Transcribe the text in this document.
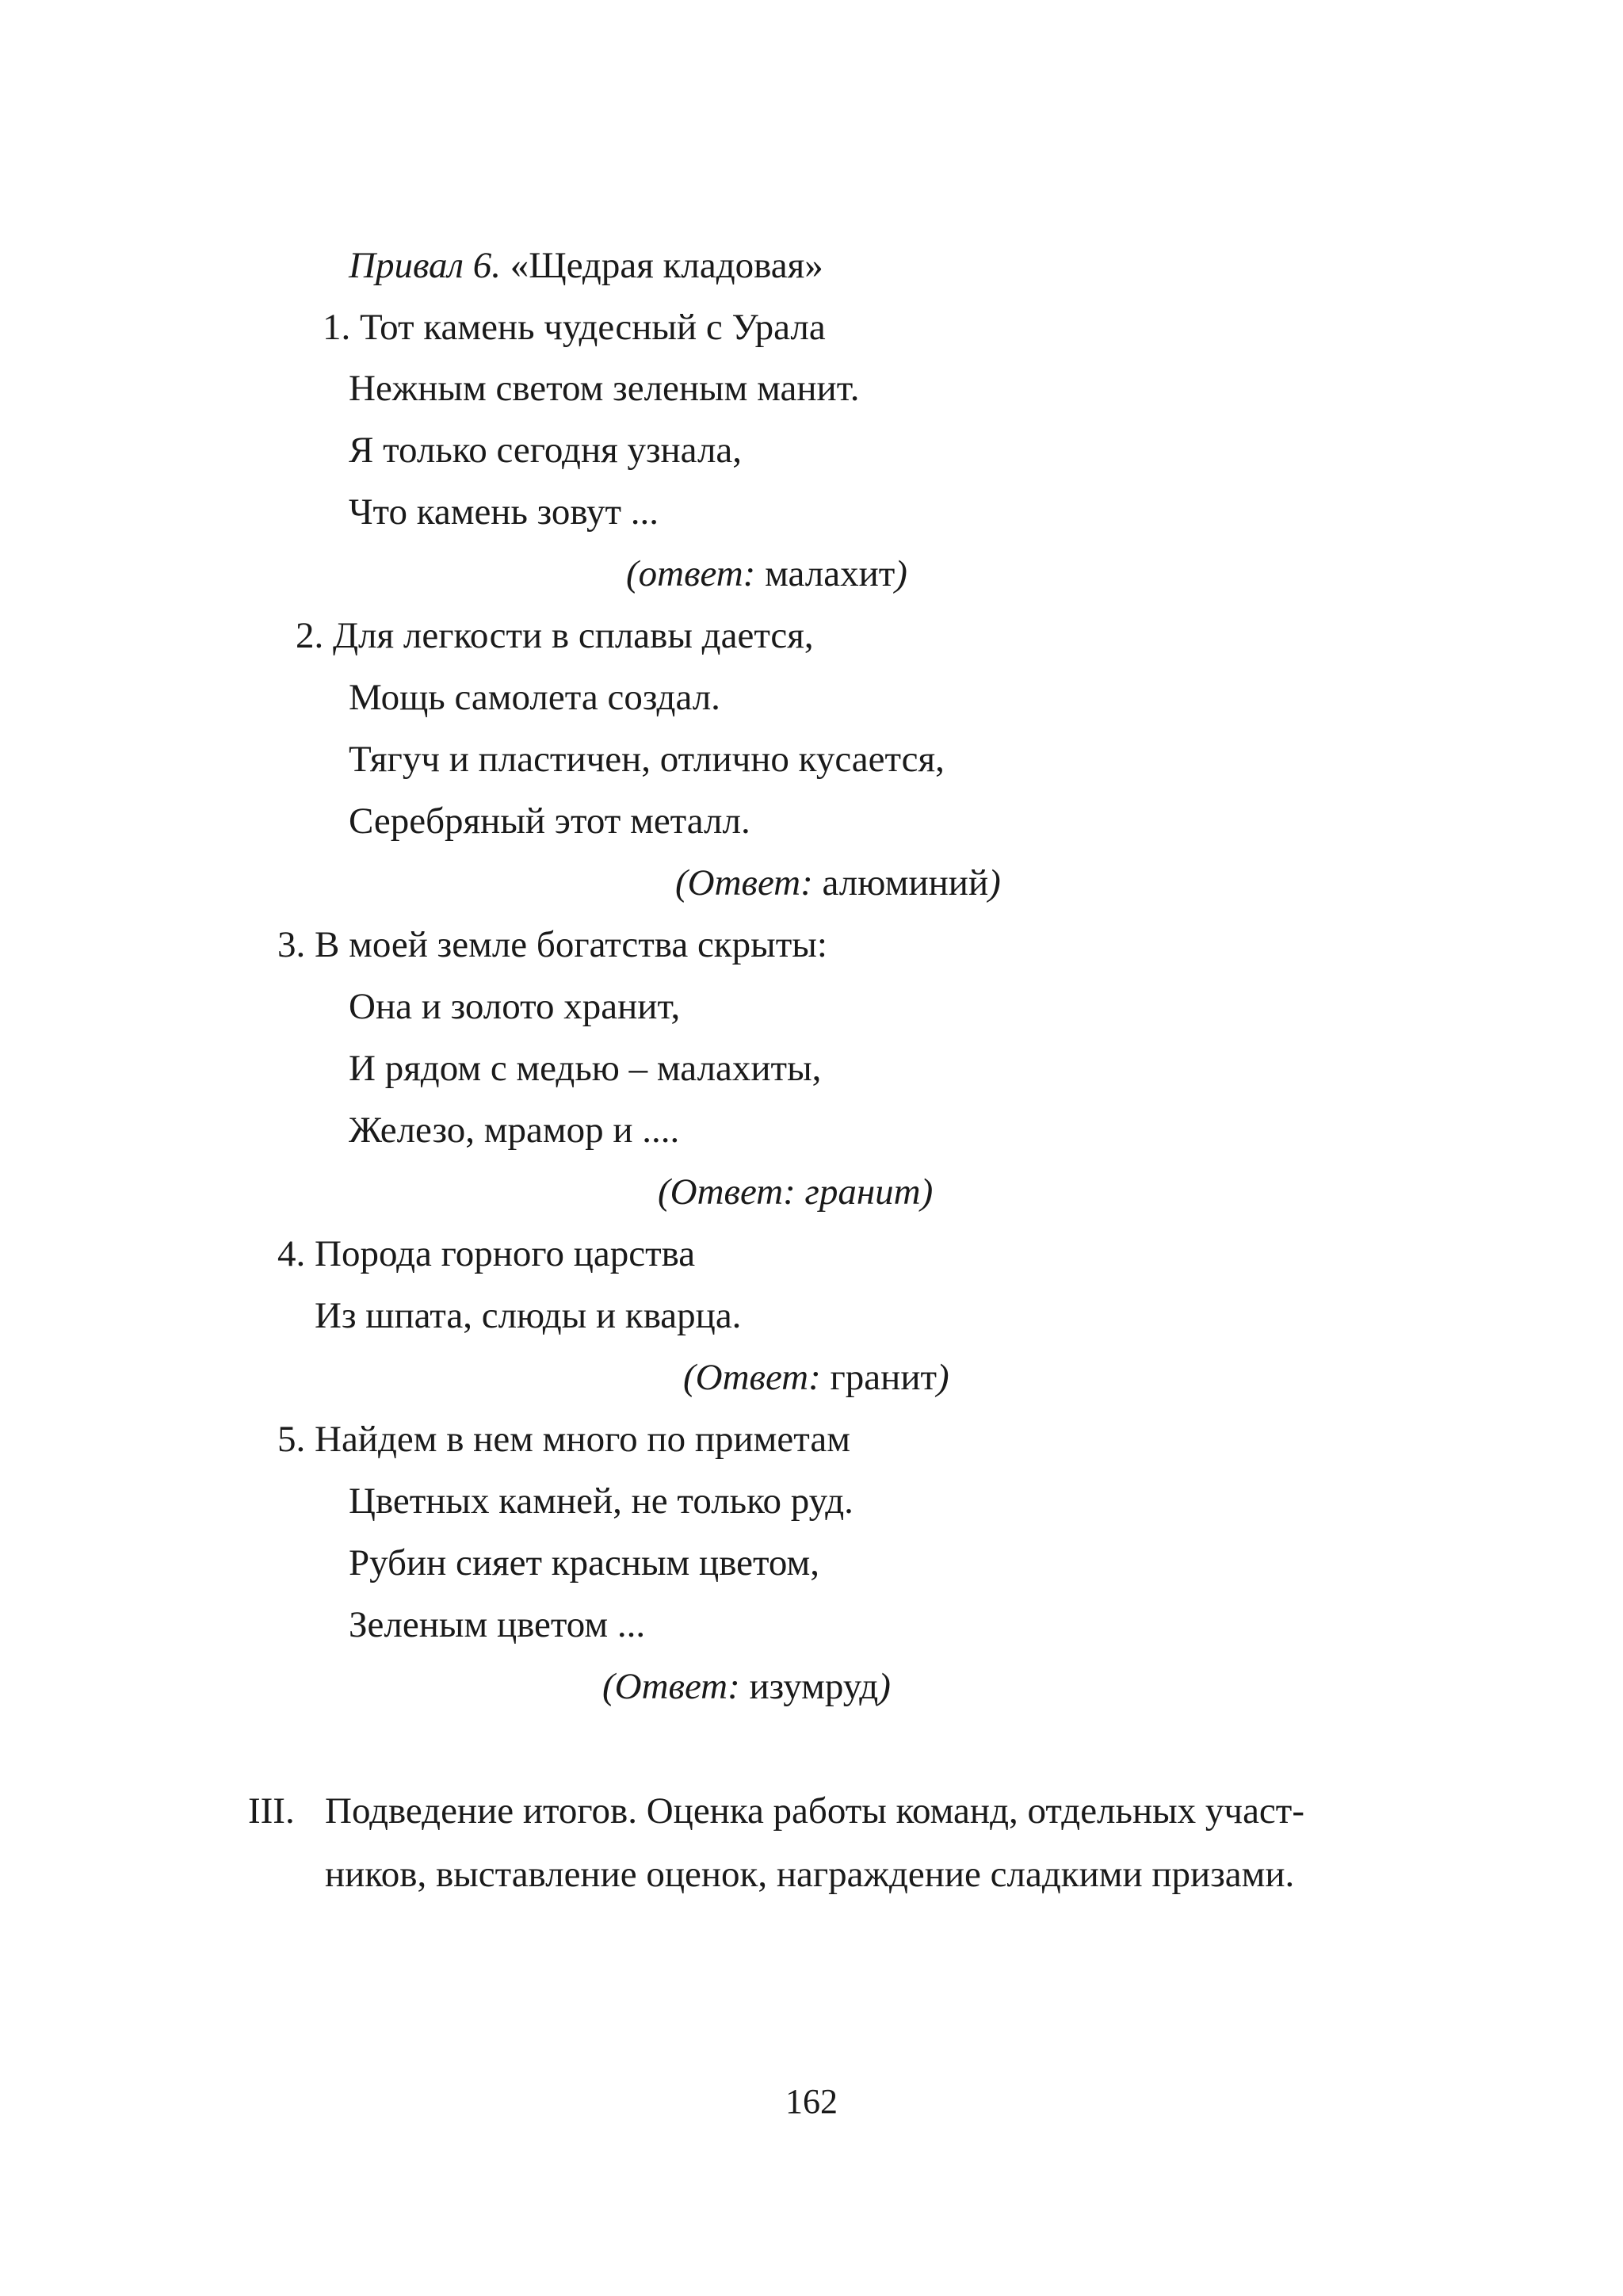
Привал 6. «Щедрая кладовая»
1. Тот камень чудесный с Урала
Нежным светом зеленым манит.
Я только сегодня узнала,
Что камень зовут ...
(ответ: малахит)
2. Для легкости в сплавы дается,
Мощь самолета создал.
Тягуч и пластичен, отлично кусается,
Серебряный этот металл.
(Ответ: алюминий)
3. В моей земле богатства скрыты:
Она и золото хранит,
И рядом с медью – малахиты,
Железо, мрамор и ....
(Ответ: гранит)
4. Порода горного царства
Из шпата, слюды и кварца.
(Ответ: гранит)
5. Найдем в нем много по приметам
Цветных камней, не только руд.
Рубин сияет красным цветом,
Зеленым цветом ...
(Ответ: изумруд)
III. Подведение итогов. Оценка работы команд, отдельных участ-
ников, выставление оценок, награждение сладкими призами.
162
